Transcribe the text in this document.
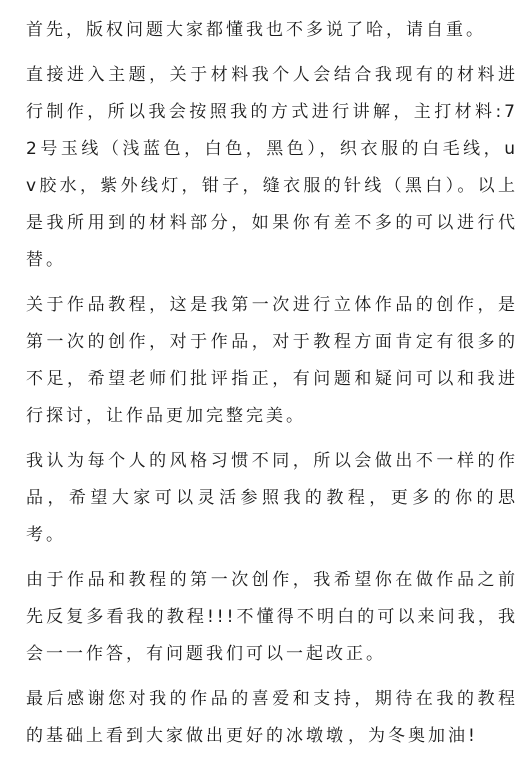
首先，版权问题大家都懂我也不多说了哈，请自重。

直接进入主题，关于材料我个人会结合我现有的材料进行制作，所以我会按照我的方式进行讲解，主打材料:72号玉线（浅蓝色，白色，黑色），织衣服的白毛线，uv胶水，紫外线灯，钳子，缝衣服的针线（黑白）。以上是我所用到的材料部分，如果你有差不多的可以进行代替。

关于作品教程，这是我第一次进行立体作品的创作，是第一次的创作，对于作品，对于教程方面肯定有很多的不足，希望老师们批评指正，有问题和疑问可以和我进行探讨，让作品更加完整完美。

我认为每个人的风格习惯不同，所以会做出不一样的作品，希望大家可以灵活参照我的教程，更多的你的思考。

由于作品和教程的第一次创作，我希望你在做作品之前先反复多看我的教程!!!不懂得不明白的可以来问我，我会一一作答，有问题我们可以一起改正。

最后感谢您对我的作品的喜爱和支持，期待在我的教程的基础上看到大家做出更好的冰墩墩 ，为冬奥加油!
